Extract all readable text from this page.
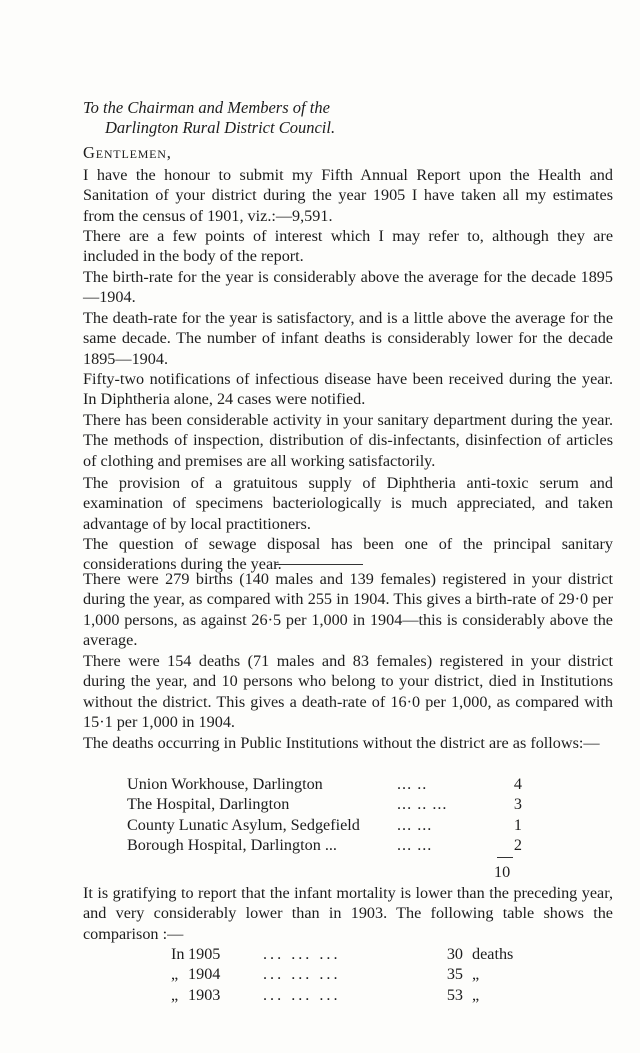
To the Chairman and Members of the
Darlington Rural District Council.
Gentlemen,

I have the honour to submit my Fifth Annual Report upon the Health and Sanitation of your district during the year 1905 I have taken all my estimates from the census of 1901, viz.:—9,591.

There are a few points of interest which I may refer to, although they are included in the body of the report.

The birth-rate for the year is considerably above the average for the decade 1895—1904.

The death-rate for the year is satisfactory, and is a little above the average for the same decade. The number of infant deaths is considerably lower for the decade 1895—1904.

Fifty-two notifications of infectious disease have been received during the year. In Diphtheria alone, 24 cases were notified.

There has been considerable activity in your sanitary department during the year. The methods of inspection, distribution of dis-infectants, disinfection of articles of clothing and premises are all working satisfactorily.

The provision of a gratuitous supply of Diphtheria anti-toxic serum and examination of specimens bacteriologically is much appreciated, and taken advantage of by local practitioners.

The question of sewage disposal has been one of the principal sanitary considerations during the year.

There were 279 births (140 males and 139 females) registered in your district during the year, as compared with 255 in 1904. This gives a birth-rate of 29·0 per 1,000 persons, as against 26·5 per 1,000 in 1904—this is considerably above the average.

There were 154 deaths (71 males and 83 females) registered in your district during the year, and 10 persons who belong to your district, died in Institutions without the district. This gives a death-rate of 16·0 per 1,000, as compared with 15·1 per 1,000 in 1904.

The deaths occurring in Public Institutions without the district are as follows:—

Union Workhouse, Darlington	... ..	4
The Hospital, Darlington	... .. ...	3
County Lunatic Asylum, Sedgefield ... ...	1
Borough Hospital, Darlington ...	... ...	2
10

It is gratifying to report that the infant mortality is lower than the preceding year, and very considerably lower than in 1903. The following table shows the comparison :—

In 1905	... ... ...	30 deaths
„ 1904	... ... ...	35 „
„ 1903	... ... ...	53 „
